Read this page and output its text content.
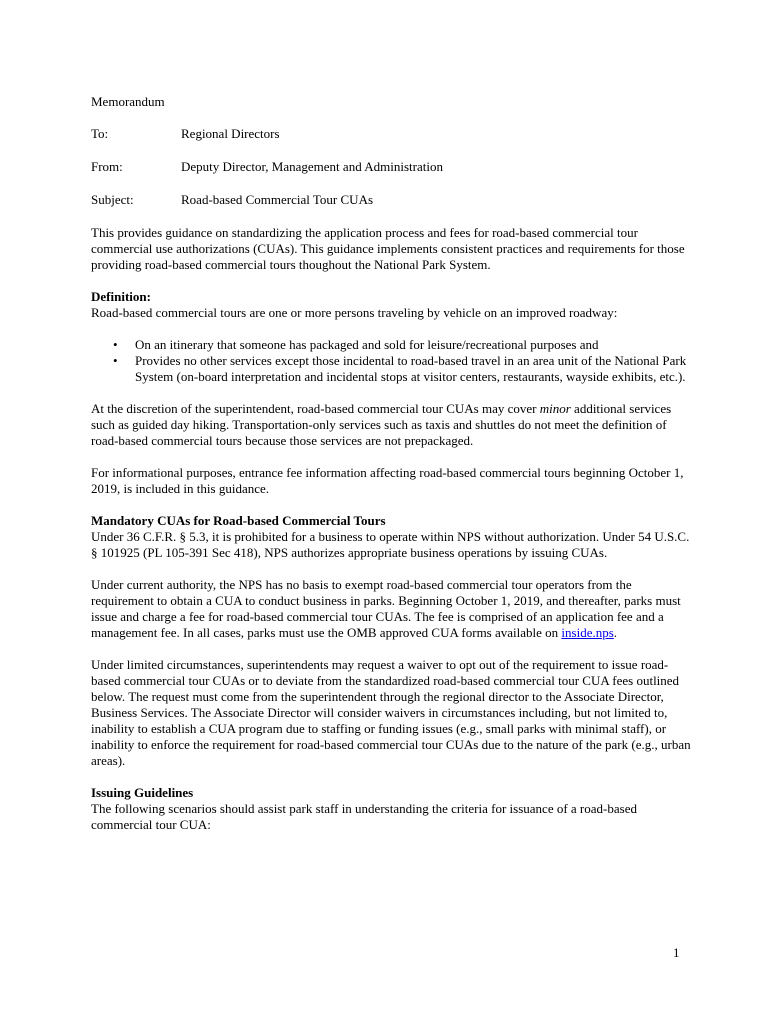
Memorandum

To:	Regional Directors
From:	Deputy Director, Management and Administration
Subject:	Road-based Commercial Tour CUAs

This provides guidance on standardizing the application process and fees for road-based commercial tour commercial use authorizations (CUAs). This guidance implements consistent practices and requirements for those providing road-based commercial tours thoughout the National Park System.

Definition:

Road-based commercial tours are one or more persons traveling by vehicle on an improved roadway:

• On an itinerary that someone has packaged and sold for leisure/recreational purposes and
• Provides no other services except those incidental to road-based travel in an area unit of the National Park System (on-board interpretation and incidental stops at visitor centers, restaurants, wayside exhibits, etc.).

At the discretion of the superintendent, road-based commercial tour CUAs may cover minor additional services such as guided day hiking. Transportation-only services such as taxis and shuttles do not meet the definition of road-based commercial tours because those services are not prepackaged.

For informational purposes, entrance fee information affecting road-based commercial tours beginning October 1, 2019, is included in this guidance.

Mandatory CUAs for Road-based Commercial Tours

Under 36 C.F.R. § 5.3, it is prohibited for a business to operate within NPS without authorization. Under 54 U.S.C. § 101925 (PL 105-391 Sec 418), NPS authorizes appropriate business operations by issuing CUAs.

Under current authority, the NPS has no basis to exempt road-based commercial tour operators from the requirement to obtain a CUA to conduct business in parks. Beginning October 1, 2019, and thereafter, parks must issue and charge a fee for road-based commercial tour CUAs. The fee is comprised of an application fee and a management fee. In all cases, parks must use the OMB approved CUA forms available on inside.nps.

Under limited circumstances, superintendents may request a waiver to opt out of the requirement to issue road-based commercial tour CUAs or to deviate from the standardized road-based commercial tour CUA fees outlined below. The request must come from the superintendent through the regional director to the Associate Director, Business Services. The Associate Director will consider waivers in circumstances including, but not limited to, inability to establish a CUA program due to staffing or funding issues (e.g., small parks with minimal staff), or inability to enforce the requirement for road-based commercial tour CUAs due to the nature of the park (e.g., urban areas).

Issuing Guidelines

The following scenarios should assist park staff in understanding the criteria for issuance of a road-based commercial tour CUA:

1
